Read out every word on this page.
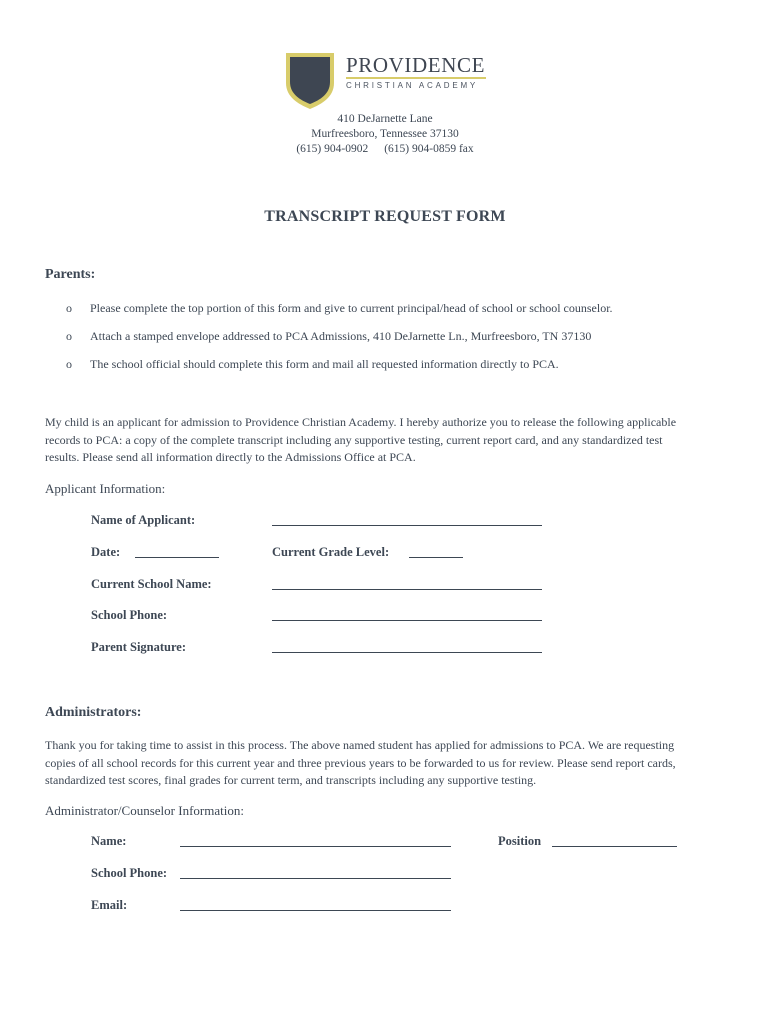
PROVIDENCE
CHRISTIAN ACADEMY
410 DeJarnette Lane
Murfreesboro, Tennessee 37130
(615) 904-0902 (615) 904-0859 fax
TRANSCRIPT REQUEST FORM
Parents:
o Please complete the top portion of this form and give to current principal/head of school or school counselor.
o Attach a stamped envelope addressed to PCA Admissions, 410 DeJarnette Ln., Murfreesboro, TN 37130
o The school official should complete this form and mail all requested information directly to PCA.
My child is an applicant for admission to Providence Christian Academy. I hereby authorize you to release the following applicable
records to PCA: a copy of the complete transcript including any supportive testing, current report card, and any standardized test
results. Please send all information directly to the Admissions Office at PCA.
Applicant Information:
Name of Applicant:
Date:	Current Grade Level:
Current School Name:
School Phone:
Parent Signature:
Administrators:
Thank you for taking time to assist in this process. The above named student has applied for admissions to PCA. We are requesting
copies of all school records for this current year and three previous years to be forwarded to us for review. Please send report cards,
standardized test scores, final grades for current term, and transcripts including any supportive testing.
Administrator/Counselor Information:
Name:	Position
School Phone:
Email:
